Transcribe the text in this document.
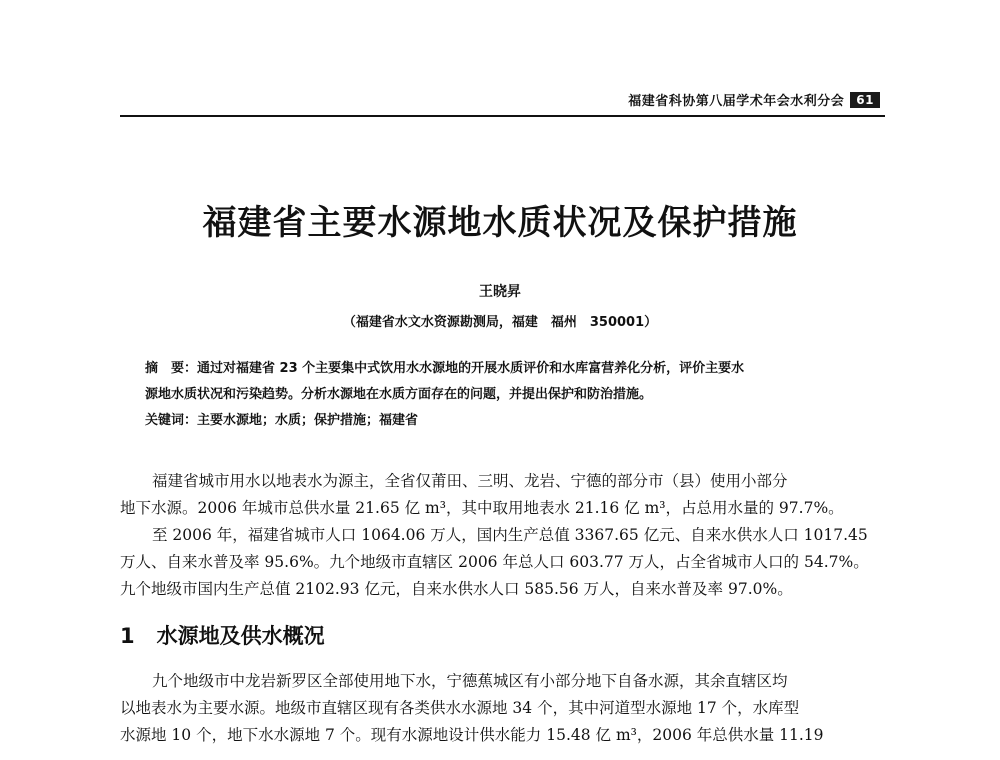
福建省科协第八届学术年会水利分会	61
福建省主要水源地水质状况及保护措施
王晓昇
（福建省水文水资源勘测局，福建　福州　350001）
摘　要：通过对福建省 23 个主要集中式饮用水水源地的开展水质评价和水库富营养化分析，评价主要水
源地水质状况和污染趋势。分析水源地在水质方面存在的问题，并提出保护和防治措施。
关键词：主要水源地；水质；保护措施；福建省
福建省城市用水以地表水为源主，全省仅莆田、三明、龙岩、宁德的部分市（县）使用小部分
地下水源。2006 年城市总供水量 21.65 亿 m³，其中取用地表水 21.16 亿 m³，占总用水量的 97.7%。
至 2006 年，福建省城市人口 1064.06 万人，国内生产总值 3367.65 亿元、自来水供水人口 1017.45
万人、自来水普及率 95.6%。九个地级市直辖区 2006 年总人口 603.77 万人，占全省城市人口的 54.7%。
九个地级市国内生产总值 2102.93 亿元，自来水供水人口 585.56 万人，自来水普及率 97.0%。
1 水源地及供水概况
九个地级市中龙岩新罗区全部使用地下水，宁德蕉城区有小部分地下自备水源，其余直辖区均
以地表水为主要水源。地级市直辖区现有各类供水水源地 34 个，其中河道型水源地 17 个，水库型
水源地 10 个，地下水水源地 7 个。现有水源地设计供水能力 15.48 亿 m³，2006 年总供水量 11.19
